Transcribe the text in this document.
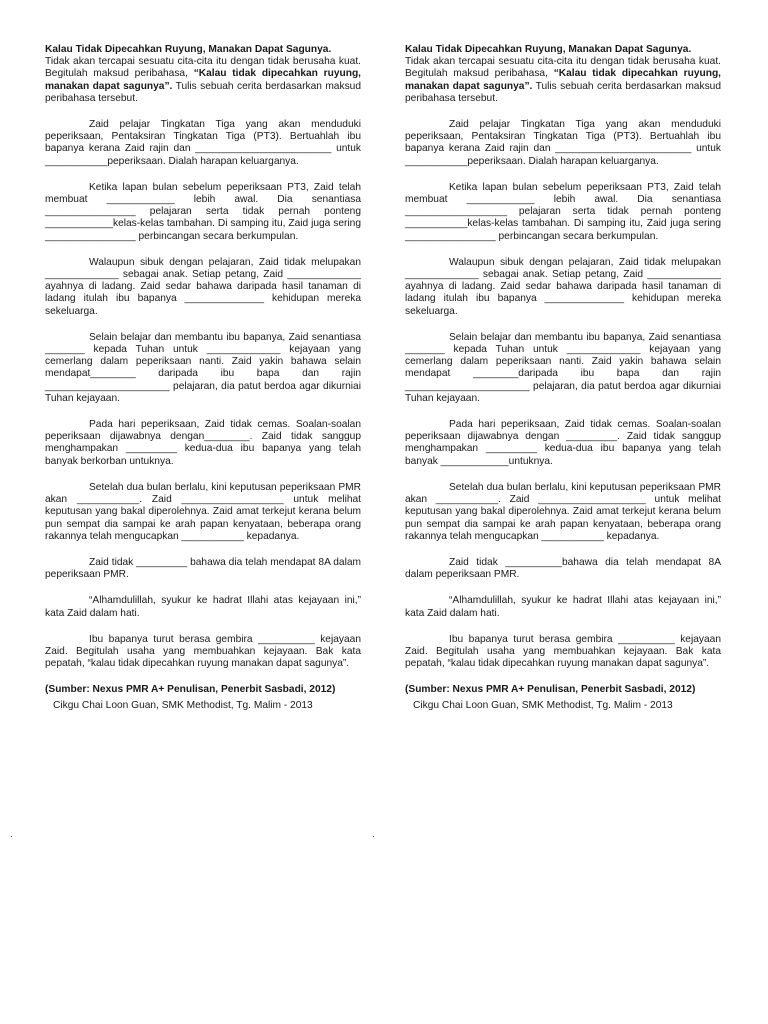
Kalau Tidak Dipecahkan Ruyung, Manakan Dapat Sagunya.

Tidak akan tercapai sesuatu cita-cita itu dengan tidak berusaha kuat. Begitulah maksud peribahasa, “Kalau tidak dipecahkan ruyung, manakan dapat sagunya”. Tulis sebuah cerita berdasarkan maksud peribahasa tersebut.

Zaid pelajar Tingkatan Tiga yang akan menduduki peperiksaan, Pentaksiran Tingkatan Tiga (PT3). Bertuahlah ibu bapanya kerana Zaid rajin dan ________________________ untuk ___________peperiksaan. Dialah harapan keluarganya.

Ketika lapan bulan sebelum peperiksaan PT3, Zaid telah membuat ____________ lebih awal. Dia senantiasa ________________ pelajaran serta tidak pernah ponteng ____________kelas-kelas tambahan. Di samping itu, Zaid juga sering ________________ perbincangan secara berkumpulan.

Walaupun sibuk dengan pelajaran, Zaid tidak melupakan _____________ sebagai anak. Setiap petang, Zaid _____________ ayahnya di ladang. Zaid sedar bahawa daripada hasil tanaman di ladang itulah ibu bapanya ______________ kehidupan mereka sekeluarga.

Selain belajar dan membantu ibu bapanya, Zaid senantiasa _______ kepada Tuhan untuk _____________ kejayaan yang cemerlang dalam peperiksaan nanti. Zaid yakin bahawa selain mendapat________ daripada ibu bapa dan rajin ______________________ pelajaran, dia patut berdoa agar dikurniai Tuhan kejayaan.

Pada hari peperiksaan, Zaid tidak cemas. Soalan-soalan peperiksaan dijawabnya dengan________. Zaid tidak sanggup menghampakan _________ kedua-dua ibu bapanya yang telah banyak berkorban untuknya.

Setelah dua bulan berlalu, kini keputusan peperiksaan PMR akan ___________. Zaid __________________ untuk melihat keputusan yang bakal diperolehnya. Zaid amat terkejut kerana belum pun sempat dia sampai ke arah papan kenyataan, beberapa orang rakannya telah mengucapkan ___________ kepadanya.

Zaid tidak _________ bahawa dia telah mendapat 8A dalam peperiksaan PMR.

“Alhamdulillah, syukur ke hadrat Illahi atas kejayaan ini,” kata Zaid dalam hati.

Ibu bapanya turut berasa gembira __________ kejayaan Zaid. Begitulah usaha yang membuahkan kejayaan. Bak kata pepatah, “kalau tidak dipecahkan ruyung manakan dapat sagunya”.

(Sumber: Nexus PMR A+ Penulisan, Penerbit Sasbadi, 2012)

Cikgu Chai Loon Guan, SMK Methodist, Tg. Malim - 2013

Kalau Tidak Dipecahkan Ruyung, Manakan Dapat Sagunya.

Tidak akan tercapai sesuatu cita-cita itu dengan tidak berusaha kuat. Begitulah maksud peribahasa, “Kalau tidak dipecahkan ruyung, manakan dapat sagunya”. Tulis sebuah cerita berdasarkan maksud peribahasa tersebut.

Zaid pelajar Tingkatan Tiga yang akan menduduki peperiksaan, Pentaksiran Tingkatan Tiga (PT3). Bertuahlah ibu bapanya kerana Zaid rajin dan ________________________ untuk ___________peperiksaan. Dialah harapan keluarganya.

Ketika lapan bulan sebelum peperiksaan PT3, Zaid telah membuat ____________ lebih awal. Dia senantiasa __________________ pelajaran serta tidak pernah ponteng ___________kelas-kelas tambahan. Di samping itu, Zaid juga sering ________________ perbincangan secara berkumpulan.

Walaupun sibuk dengan pelajaran, Zaid tidak melupakan _____________ sebagai anak. Setiap petang, Zaid _____________ ayahnya di ladang. Zaid sedar bahawa daripada hasil tanaman di ladang itulah ibu bapanya ______________ kehidupan mereka sekeluarga.

Selain belajar dan membantu ibu bapanya, Zaid senantiasa _______ kepada Tuhan untuk _____________ kejayaan yang cemerlang dalam peperiksaan nanti. Zaid yakin bahawa selain mendapat ________daripada ibu bapa dan rajin ______________________ pelajaran, dia patut berdoa agar dikurniai Tuhan kejayaan.

Pada hari peperiksaan, Zaid tidak cemas. Soalan-soalan peperiksaan dijawabnya dengan _________. Zaid tidak sanggup menghampakan _________ kedua-dua ibu bapanya yang telah banyak ____________untuknya.

Setelah dua bulan berlalu, kini keputusan peperiksaan PMR akan ___________. Zaid ___________________ untuk melihat keputusan yang bakal diperolehnya. Zaid amat terkejut kerana belum pun sempat dia sampai ke arah papan kenyataan, beberapa orang rakannya telah mengucapkan ___________ kepadanya.

Zaid tidak __________bahawa dia telah mendapat 8A dalam peperiksaan PMR.

“Alhamdulillah, syukur ke hadrat Illahi atas kejayaan ini,” kata Zaid dalam hati.

Ibu bapanya turut berasa gembira __________ kejayaan Zaid. Begitulah usaha yang membuahkan kejayaan. Bak kata pepatah, “kalau tidak dipecahkan ruyung manakan dapat sagunya”.

(Sumber: Nexus PMR A+ Penulisan, Penerbit Sasbadi, 2012)

Cikgu Chai Loon Guan, SMK Methodist, Tg. Malim - 2013

·	·
